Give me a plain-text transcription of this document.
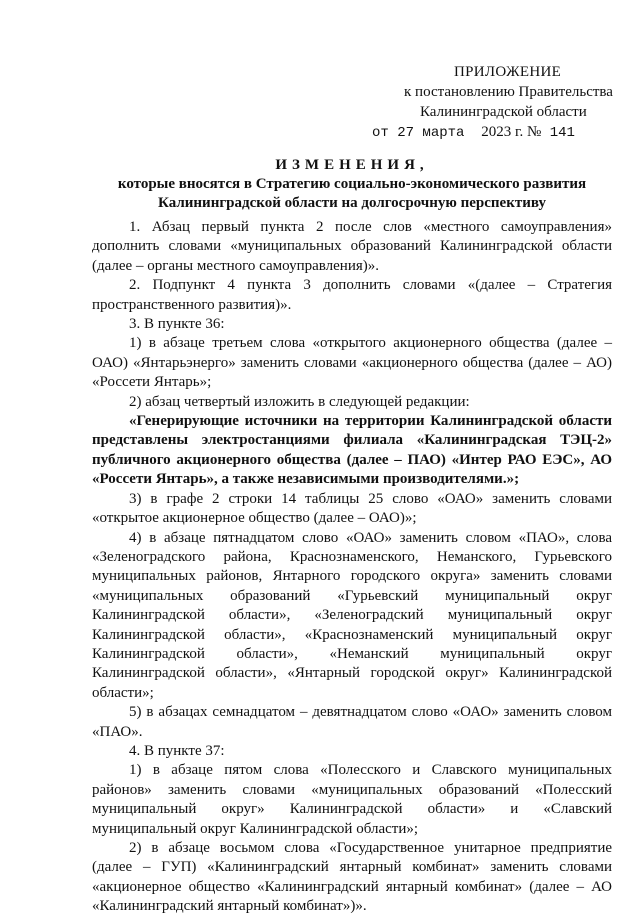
ПРИЛОЖЕНИЕ
к постановлению Правительства
Калининградской области
от 27 марта 2023 г. № 141
ИЗМЕНЕНИЯ,
которые вносятся в Стратегию социально-экономического развития
Калининградской области на долгосрочную перспективу

1. Абзац первый пункта 2 после слов «местного самоуправления» дополнить словами «муниципальных образований Калининградской области (далее – органы местного самоуправления)».

2. Подпункт 4 пункта 3 дополнить словами «(далее – Стратегия пространственного развития)».

3. В пункте 36:

1) в абзаце третьем слова «открытого акционерного общества (далее – ОАО) «Янтарьэнерго» заменить словами «акционерного общества (далее – АО) «Россети Янтарь»;

2) абзац четвертый изложить в следующей редакции:

«Генерирующие источники на территории Калининградской области представлены электростанциями филиала «Калининградская ТЭЦ-2» публичного акционерного общества (далее – ПАО) «Интер РАО ЕЭС», АО «Россети Янтарь», а также независимыми производителями.»;

3) в графе 2 строки 14 таблицы 25 слово «ОАО» заменить словами «открытое акционерное общество (далее – ОАО)»;

4) в абзаце пятнадцатом слово «ОАО» заменить словом «ПАО», слова «Зеленоградского района, Краснознаменского, Неманского, Гурьевского муниципальных районов, Янтарного городского округа» заменить словами «муниципальных образований «Гурьевский муниципальный округ Калининградской области», «Зеленоградский муниципальный округ Калининградской области», «Краснознаменский муниципальный округ Калининградской области», «Неманский муниципальный округ Калининградской области», «Янтарный городской округ» Калининградской области»;

5) в абзацах семнадцатом – девятнадцатом слово «ОАО» заменить словом «ПАО».

4. В пункте 37:

1) в абзаце пятом слова «Полесского и Славского муниципальных районов» заменить словами «муниципальных образований «Полесский муниципальный округ» Калининградской области» и «Славский муниципальный округ Калининградской области»;

2) в абзаце восьмом слова «Государственное унитарное предприятие (далее – ГУП) «Калининградский янтарный комбинат» заменить словами «акционерное общество «Калининградский янтарный комбинат» (далее – АО «Калининградский янтарный комбинат»)».
